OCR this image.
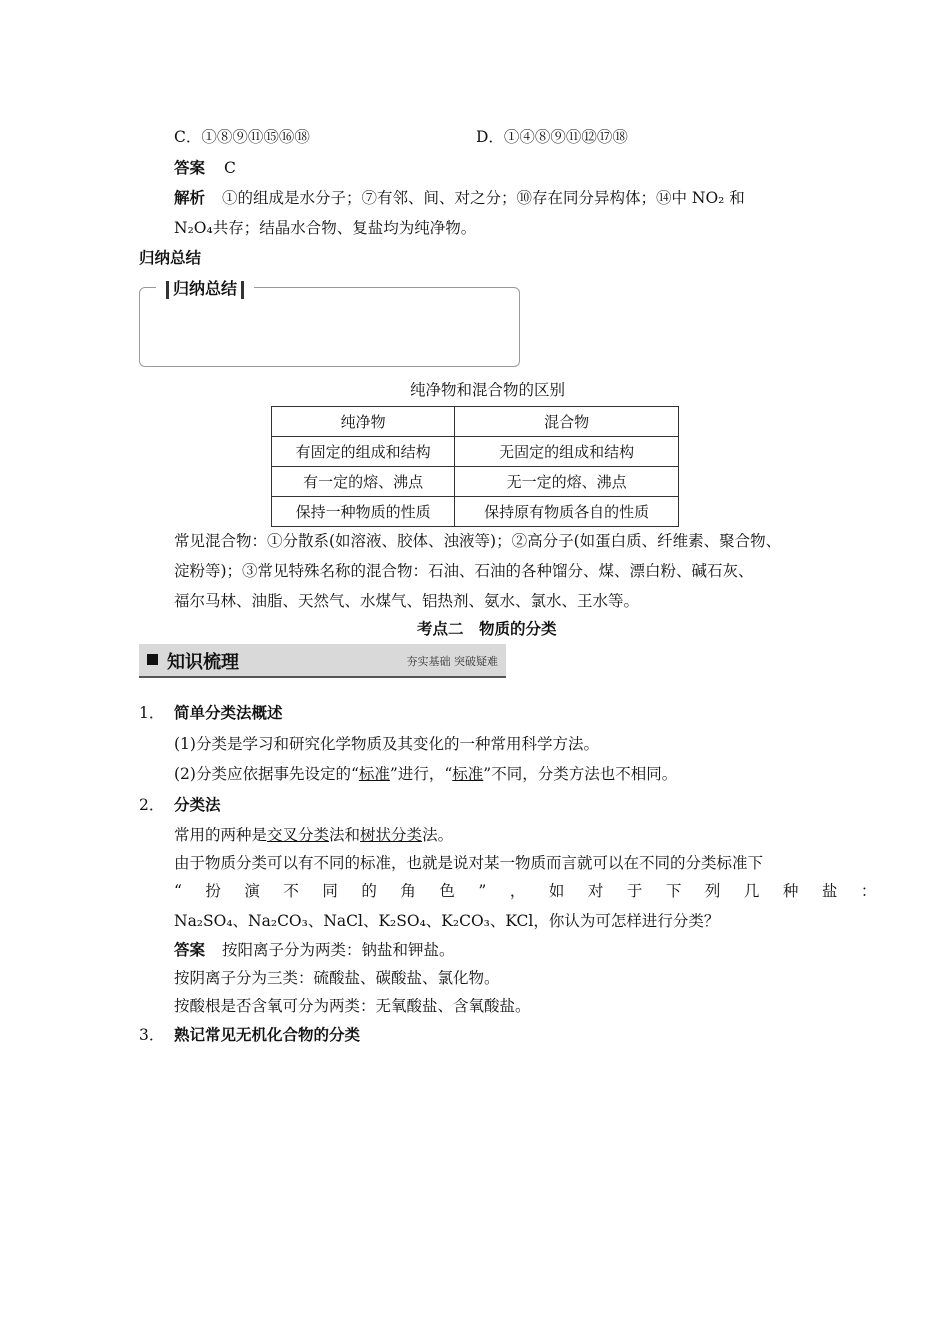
C．①⑧⑨⑪⑮⑯⑱	D．①④⑧⑨⑪⑫⑰⑱
答案 C
解析 ①的组成是水分子；⑦有邻、间、对之分；⑩存在同分异构体；⑭中 NO₂ 和
N₂O₄共存；结晶水合物、复盐均为纯净物。
归纳总结
归纳总结
纯净物和混合物的区别
纯净物	混合物
有固定的组成和结构	无固定的组成和结构
有一定的熔、沸点	无一定的熔、沸点
保持一种物质的性质	保持原有物质各自的性质
常见混合物：①分散系(如溶液、胶体、浊液等)；②高分子(如蛋白质、纤维素、聚合物、
淀粉等)；③常见特殊名称的混合物：石油、石油的各种馏分、煤、漂白粉、碱石灰、
福尔马林、油脂、天然气、水煤气、铝热剂、氨水、氯水、王水等。
考点二　物质的分类
知识梳理	夯实基础 突破疑难
1． 简单分类法概述
(1)分类是学习和研究化学物质及其变化的一种常用科学方法。
(2)分类应依据事先设定的“标准”进行，“标准”不同，分类方法也不相同。
2． 分类法
常用的两种是交叉分类法和树状分类法。
由于物质分类可以有不同的标准，也就是说对某一物质而言就可以在不同的分类标准下
“扮演不同的角色”，如对于下列几种盐：
Na₂SO₄、Na₂CO₃、NaCl、K₂SO₄、K₂CO₃、KCl，你认为可怎样进行分类？
答案 按阳离子分为两类：钠盐和钾盐。
按阴离子分为三类：硫酸盐、碳酸盐、氯化物。
按酸根是否含氧可分为两类：无氧酸盐、含氧酸盐。
3． 熟记常见无机化合物的分类
